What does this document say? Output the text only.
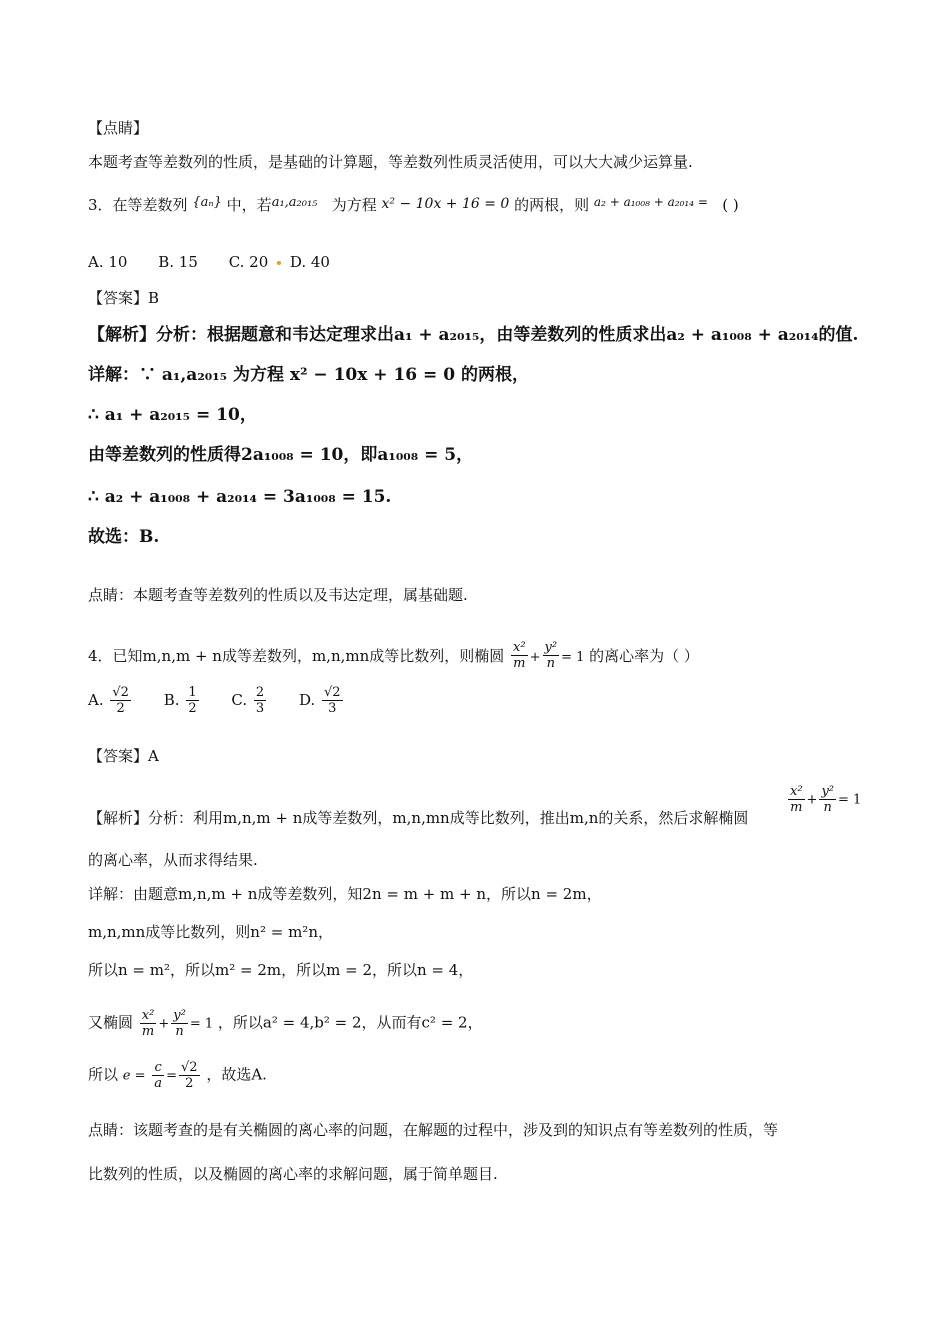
【点睛】
本题考查等差数列的性质，是基础的计算题，等差数列性质灵活使用，可以大大减少运算量.
3．在等差数列 {aₙ} 中，若a₁,a₂₀₁₅ 为方程 x² − 10x + 16 = 0 的两根，则 $^{a_2 + a_{1008} + a_{2014} =}$ ( )
A. 10 B. 15 C. 20 D. 40
【答案】B
【解析】分析：根据题意和韦达定理求出a₁ + a₂₀₁₅，由等差数列的性质求出a₂ + a₁₀₀₈ + a₂₀₁₄的值.
详解：∵ a₁,a₂₀₁₅ 为方程 x² − 10x + 16 = 0 的两根，
∴ a₁ + a₂₀₁₅ = 10，
由等差数列的性质得2a₁₀₀₈ = 10，即a₁₀₀₈ = 5，
∴ a₂ + a₁₀₀₈ + a₂₀₁₄ = 3a₁₀₀₈ = 15.
故选：B.
点睛：本题考查等差数列的性质以及韦达定理，属基础题.
4．已知m,n,m + n成等差数列，m,n,mn成等比数列，则椭圆 $\frac{\text{x²}}{m} + \frac{\text{y²}}{n} = 1$ 的离心率为（ ）
A. $\frac{√2}{2} B$. $\frac{1}{2} C$. $\frac{2}{3} D$. $\frac{√2}{3}$
【答案】A
【解析】分析：利用m,n,m + n成等差数列，m,n,mn成等比数列，推出m,n的关系，然后求解椭圆
$\frac{\text{x²}}{m} + \frac{\text{y²}}{n} = 1$
的离心率，从而求得结果.
详解：由题意m,n,m + n成等差数列，知2n = m + m + n，所以n = 2m，
m,n,mn成等比数列，则n² = m²n，
所以n = m²，所以m² = 2m，所以m = 2，所以n = 4，
又椭圆 $\frac{\text{x²}}{m} + \frac{\text{y²}}{n} = 1$ ，所以a² = 4,b² = 2，从而有c² = 2，
所以 $e = \frac{c}{a} = \frac{√2}{2}$ ，故选A.
点睛：该题考查的是有关椭圆的离心率的问题，在解题的过程中，涉及到的知识点有等差数列的性质，等
比数列的性质，以及椭圆的离心率的求解问题，属于简单题目.
